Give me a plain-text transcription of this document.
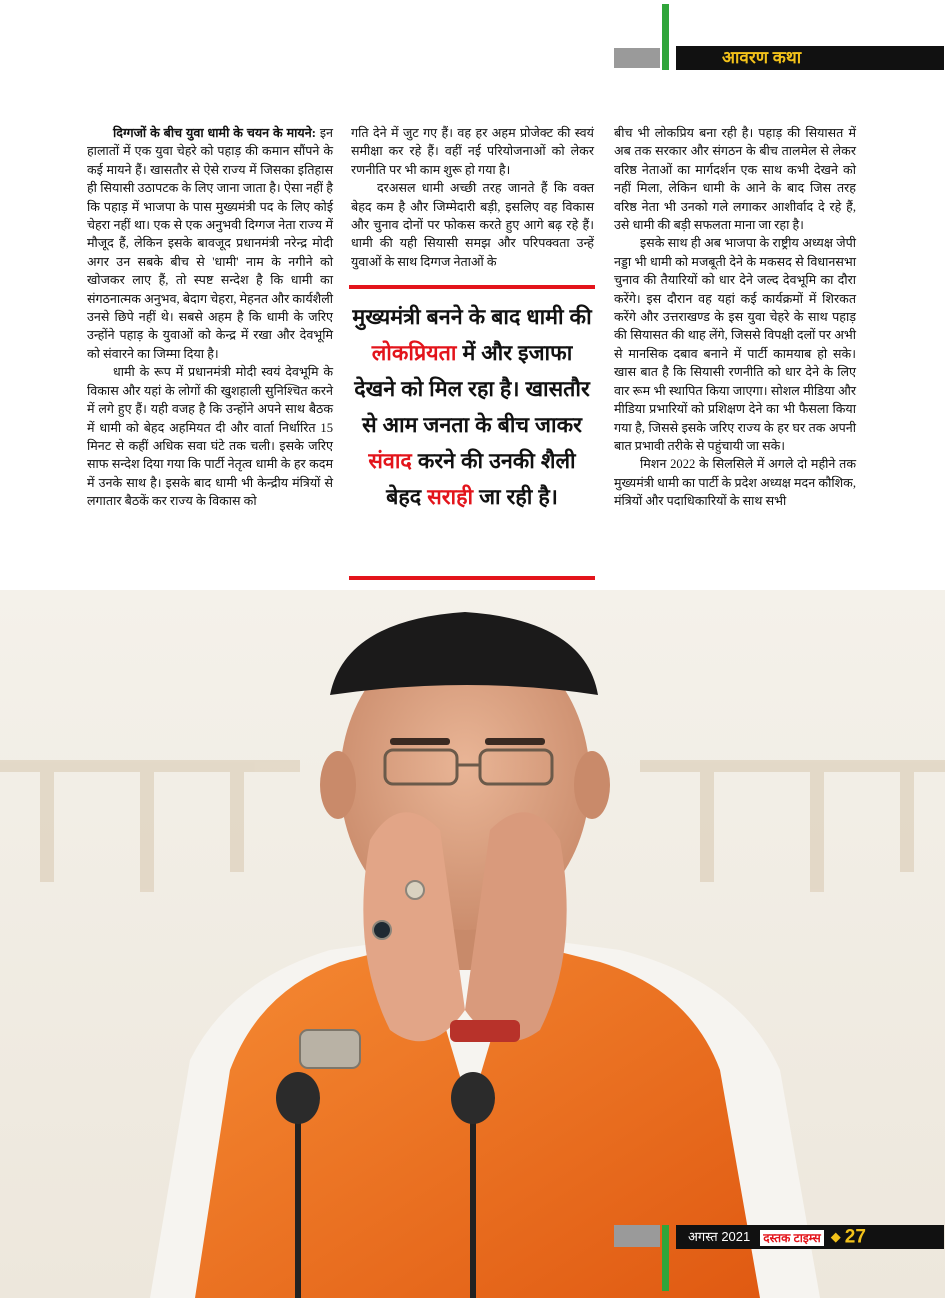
आवरण कथा

दिग्गजों के बीच युवा धामी के चयन के मायने: इन हालातों में एक युवा चेहरे को पहाड़ की कमान सौंपने के कई मायने हैं। खासतौर से ऐसे राज्य में जिसका इतिहास ही सियासी उठापटक के लिए जाना जाता है। ऐसा नहीं है कि पहाड़ में भाजपा के पास मुख्यमंत्री पद के लिए कोई चेहरा नहीं था। एक से एक अनुभवी दिग्गज नेता राज्य में मौजूद हैं, लेकिन इसके बावजूद प्रधानमंत्री नरेन्द्र मोदी अगर उन सबके बीच से 'धामी' नाम के नगीने को खोजकर लाए हैं, तो स्पष्ट सन्देश है कि धामी का संगठनात्मक अनुभव, बेदाग चेहरा, मेहनत और कार्यशैली उनसे छिपे नहीं थे। सबसे अहम है कि धामी के जरिए उन्होंने पहाड़ के युवाओं को केन्द्र में रखा और देवभूमि को संवारने का जिम्मा दिया है।

धामी के रूप में प्रधानमंत्री मोदी स्वयं देवभूमि के विकास और यहां के लोगों की खुशहाली सुनिश्चित करने में लगे हुए हैं। यही वजह है कि उन्होंने अपने साथ बैठक में धामी को बेहद अहमियत दी और वार्ता निर्धारित 15 मिनट से कहीं अधिक सवा घंटे तक चली। इसके जरिए साफ सन्देश दिया गया कि पार्टी नेतृत्व धामी के हर कदम में उनके साथ है। इसके बाद धामी भी केन्द्रीय मंत्रियों से लगातार बैठकें कर राज्य के विकास को

गति देने में जुट गए हैं। वह हर अहम प्रोजेक्ट की स्वयं समीक्षा कर रहे हैं। वहीं नई परियोजनाओं को लेकर रणनीति पर भी काम शुरू हो गया है।

दरअसल धामी अच्छी तरह जानते हैं कि वक्त बेहद कम है और जिम्मेदारी बड़ी, इसलिए वह विकास और चुनाव दोनों पर फोकस करते हुए आगे बढ़ रहे हैं। धामी की यही सियासी समझ और परिपक्वता उन्हें युवाओं के साथ दिग्गज नेताओं के

मुख्यमंत्री बनने के बाद धामी की लोकप्रियता में और इजाफा देखने को मिल रहा है। खासतौर से आम जनता के बीच जाकर संवाद करने की उनकी शैली बेहद सराही जा रही है।

बीच भी लोकप्रिय बना रही है। पहाड़ की सियासत में अब तक सरकार और संगठन के बीच तालमेल से लेकर वरिष्ठ नेताओं का मार्गदर्शन एक साथ कभी देखने को नहीं मिला, लेकिन धामी के आने के बाद जिस तरह वरिष्ठ नेता भी उनको गले लगाकर आशीर्वाद दे रहे हैं, उसे धामी की बड़ी सफलता माना जा रहा है।

इसके साथ ही अब भाजपा के राष्ट्रीय अध्यक्ष जेपी नड्डा भी धामी को मजबूती देने के मकसद से विधानसभा चुनाव की तैयारियों को धार देने जल्द देवभूमि का दौरा करेंगे। इस दौरान वह यहां कई कार्यक्रमों में शिरकत करेंगे और उत्तराखण्ड के इस युवा चेहरे के साथ पहाड़ की सियासत की थाह लेंगे, जिससे विपक्षी दलों पर अभी से मानसिक दबाव बनाने में पार्टी कामयाब हो सके। खास बात है कि सियासी रणनीति को धार देने के लिए वार रूम भी स्थापित किया जाएगा। सोशल मीडिया और मीडिया प्रभारियों को प्रशिक्षण देने का भी फैसला किया गया है, जिससे इसके जरिए राज्य के हर घर तक अपनी बात प्रभावी तरीके से पहुंचायी जा सके।

मिशन 2022 के सिलसिले में अगले दो महीने तक मुख्यमंत्री धामी का पार्टी के प्रदेश अध्यक्ष मदन कौशिक, मंत्रियों और पदाधिकारियों के साथ सभी

अगस्त 2021 दस्तक टाइम्स ◆ 27
